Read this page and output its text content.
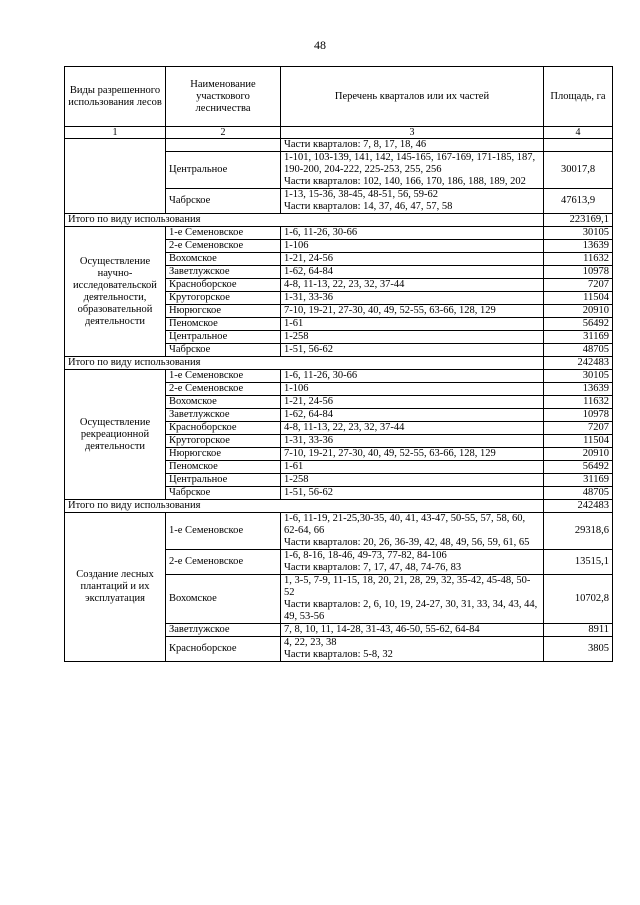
48
Виды разрешенного использования лесов	Наименование участкового лесничества	Перечень кварталов или их частей	Площадь, га
1	2	3	4
		Части кварталов: 7, 8, 17, 18, 46	
	Центральное	1-101, 103-139, 141, 142, 145-165, 167-169, 171-185, 187, 190-200, 204-222, 225-253, 255, 256
Части кварталов: 102, 140, 166, 170, 186, 188, 189, 202	30017,8
	Чабрское	1-13, 15-36, 38-45, 48-51, 56, 59-62
Части кварталов: 14, 37, 46, 47, 57, 58	47613,9
Итого по виду использования			223169,1
Осуществление научно-исследовательской деятельности, образовательной деятельности	1-е Семеновское	1-6, 11-26, 30-66	30105
	2-е Семеновское	1-106	13639
	Вохомское	1-21, 24-56	11632
	Заветлужское	1-62, 64-84	10978
	Красноборское	4-8, 11-13, 22, 23, 32, 37-44	7207
	Крутогорское	1-31, 33-36	11504
	Нюрюгское	7-10, 19-21, 27-30, 40, 49, 52-55, 63-66, 128, 129	20910
	Пеномское	1-61	56492
	Центральное	1-258	31169
	Чабрское	1-51, 56-62	48705
Итого по виду использования			242483
Осуществление рекреационной деятельности	1-е Семеновское	1-6, 11-26, 30-66	30105
	2-е Семеновское	1-106	13639
	Вохомское	1-21, 24-56	11632
	Заветлужское	1-62, 64-84	10978
	Красноборское	4-8, 11-13, 22, 23, 32, 37-44	7207
	Крутогорское	1-31, 33-36	11504
	Нюрюгское	7-10, 19-21, 27-30, 40, 49, 52-55, 63-66, 128, 129	20910
	Пеномское	1-61	56492
	Центральное	1-258	31169
	Чабрское	1-51, 56-62	48705
Итого по виду использования			242483
Создание лесных плантаций и их эксплуатация	1-е Семеновское	1-6, 11-19, 21-25,30-35, 40, 41, 43-47, 50-55, 57, 58, 60, 62-64, 66
Части кварталов: 20, 26, 36-39, 42, 48, 49, 56, 59, 61, 65	29318,6
	2-е Семеновское	1-6, 8-16, 18-46, 49-73, 77-82, 84-106
Части кварталов: 7, 17, 47, 48, 74-76, 83	13515,1
	Вохомское	1, 3-5, 7-9, 11-15, 18, 20, 21, 28, 29, 32, 35-42, 45-48, 50-52
Части кварталов: 2, 6, 10, 19, 24-27, 30, 31, 33, 34, 43, 44, 49, 53-56	10702,8
	Заветлужское	7, 8, 10, 11, 14-28, 31-43, 46-50, 55-62, 64-84	8911
	Красноборское	4, 22, 23, 38
Части кварталов: 5-8, 32	3805
